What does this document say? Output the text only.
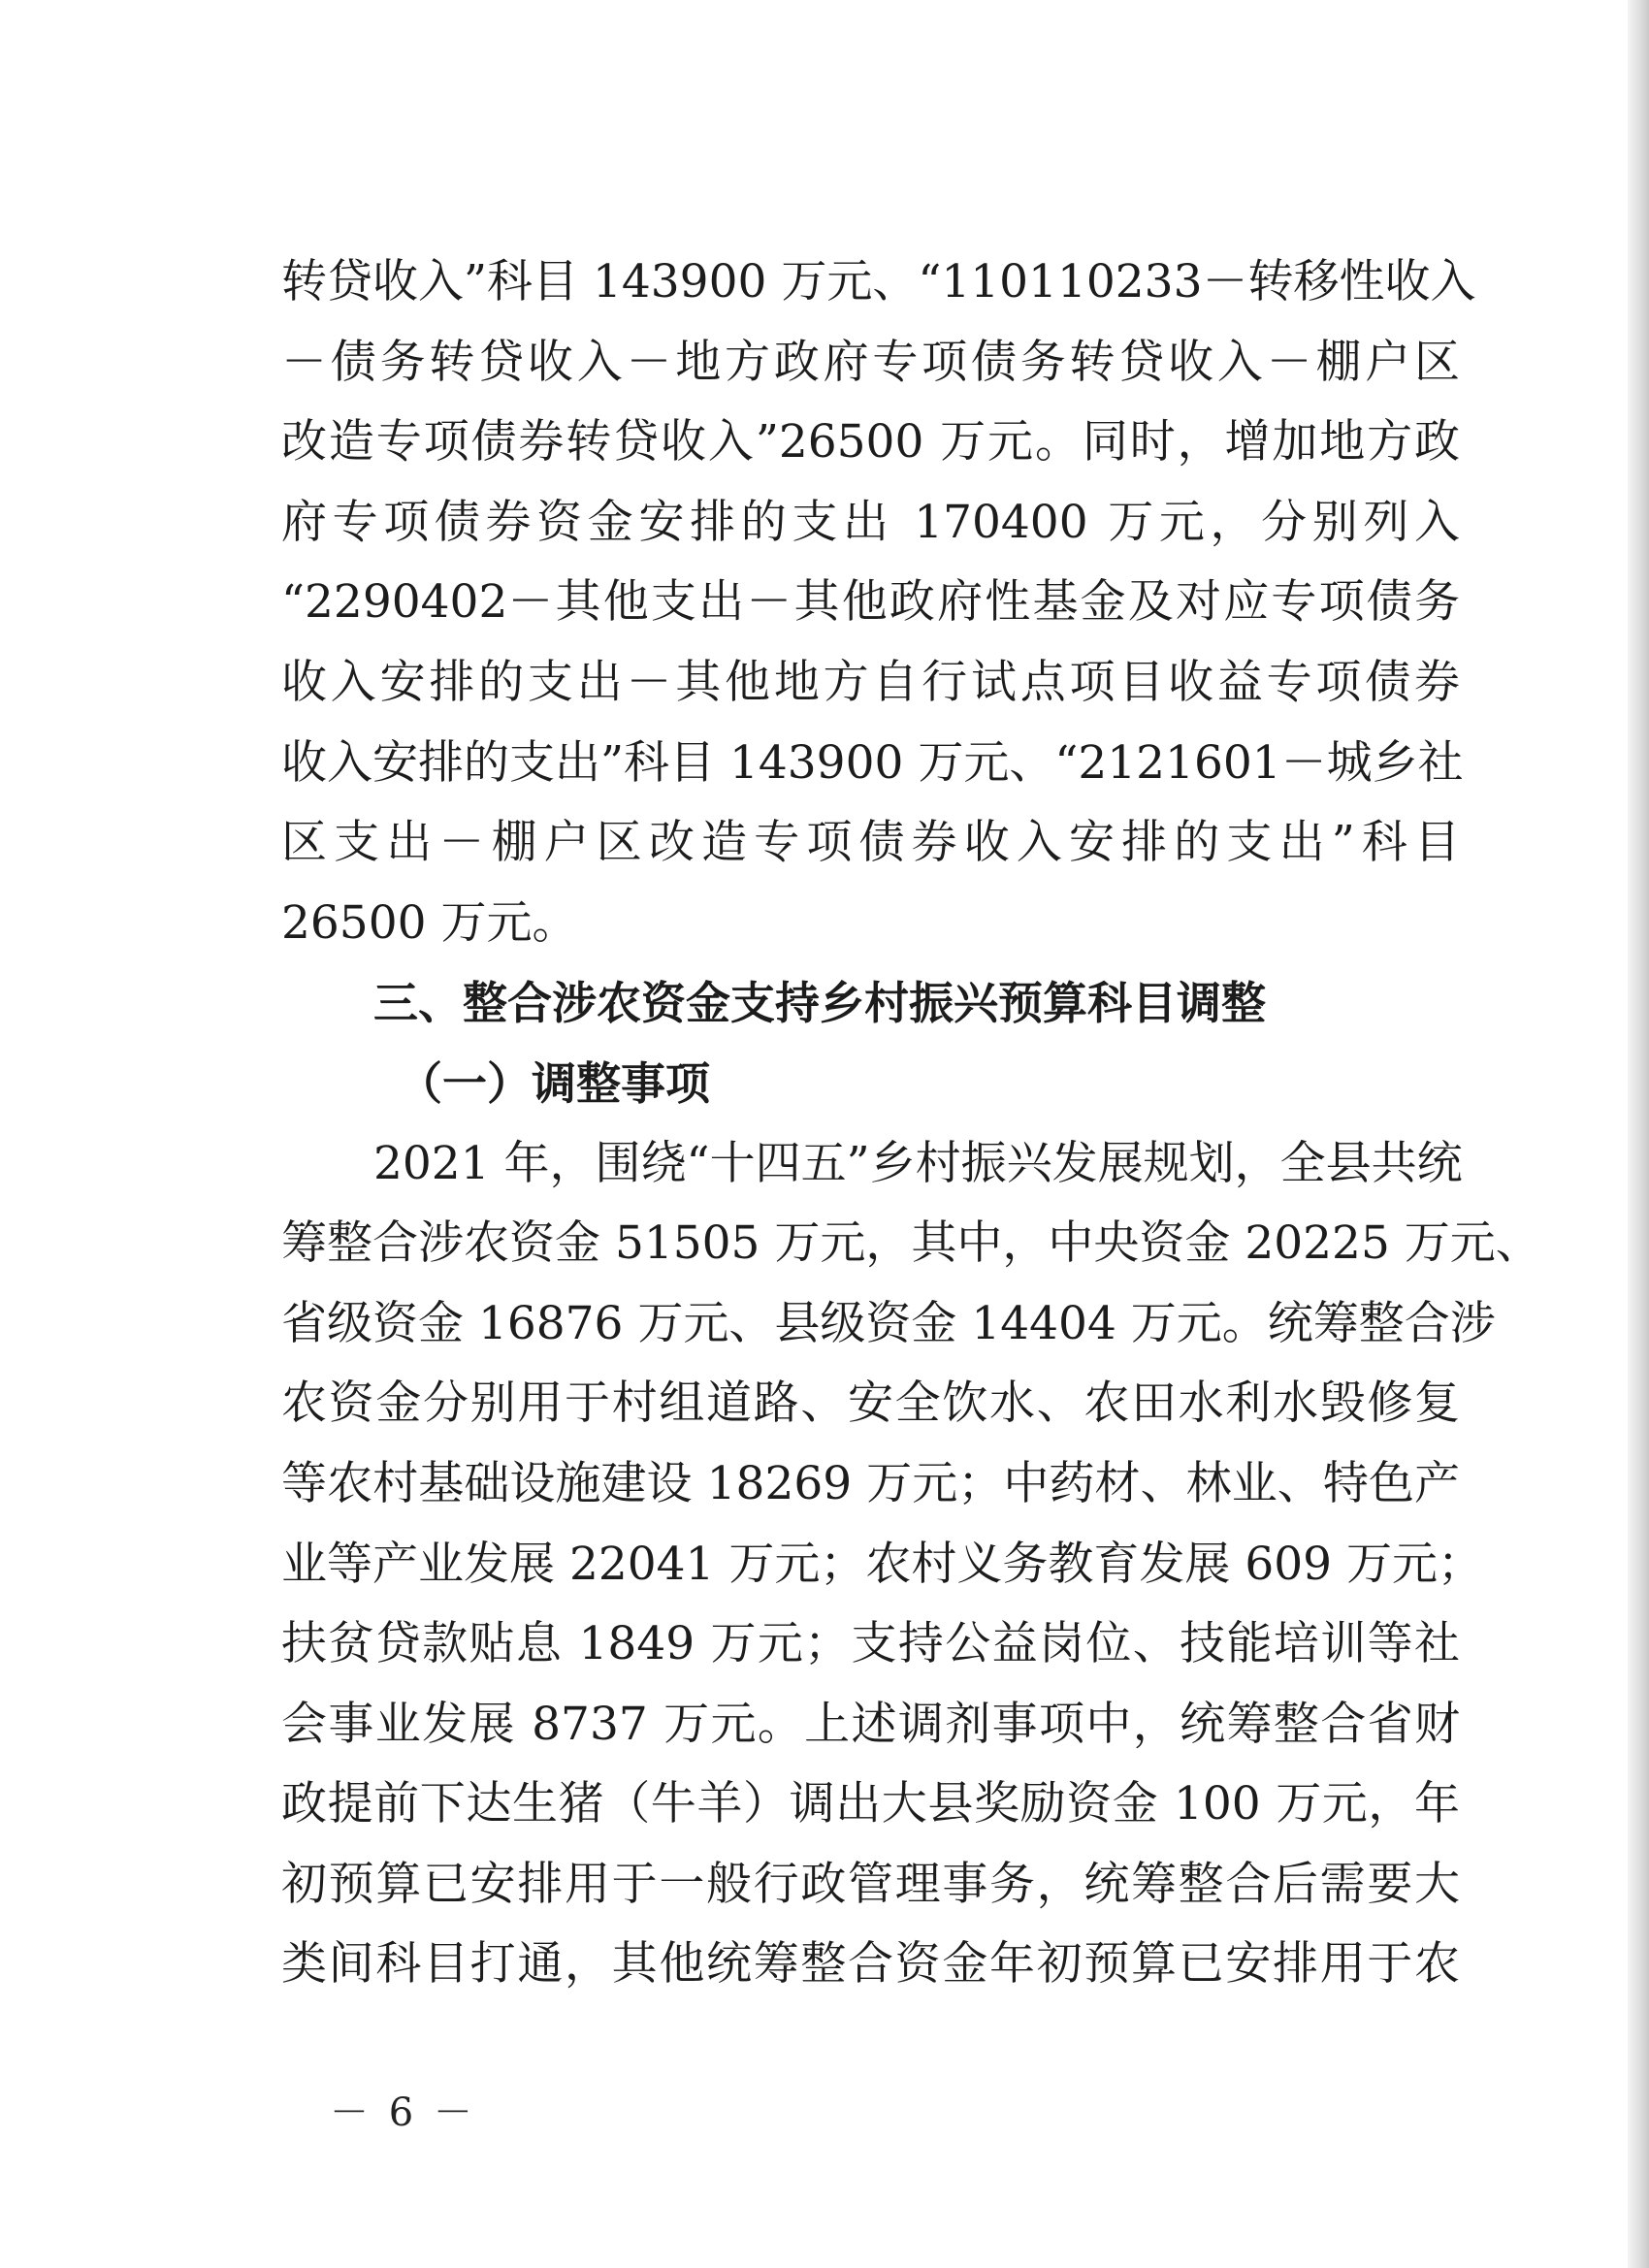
转贷收入”科目 143900 万元、“110110233－转移性收入
－债务转贷收入－地方政府专项债务转贷收入－棚户区
改造专项债券转贷收入”26500 万元。同时，增加地方政
府专项债券资金安排的支出 170400 万元，分别列入
“2290402－其他支出－其他政府性基金及对应专项债务
收入安排的支出－其他地方自行试点项目收益专项债券
收入安排的支出”科目 143900 万元、“2121601－城乡社
区支出－棚户区改造专项债券收入安排的支出”科目
26500 万元。
三、整合涉农资金支持乡村振兴预算科目调整
（一）调整事项
2021 年，围绕“十四五”乡村振兴发展规划，全县共统
筹整合涉农资金 51505 万元，其中，中央资金 20225 万元、
省级资金 16876 万元、县级资金 14404 万元。统筹整合涉
农资金分别用于村组道路、安全饮水、农田水利水毁修复
等农村基础设施建设 18269 万元；中药材、林业、特色产
业等产业发展 22041 万元；农村义务教育发展 609 万元；
扶贫贷款贴息 1849 万元；支持公益岗位、技能培训等社
会事业发展 8737 万元。上述调剂事项中，统筹整合省财
政提前下达生猪（牛羊）调出大县奖励资金 100 万元，年
初预算已安排用于一般行政管理事务，统筹整合后需要大
类间科目打通，其他统筹整合资金年初预算已安排用于农
－ 6 －
